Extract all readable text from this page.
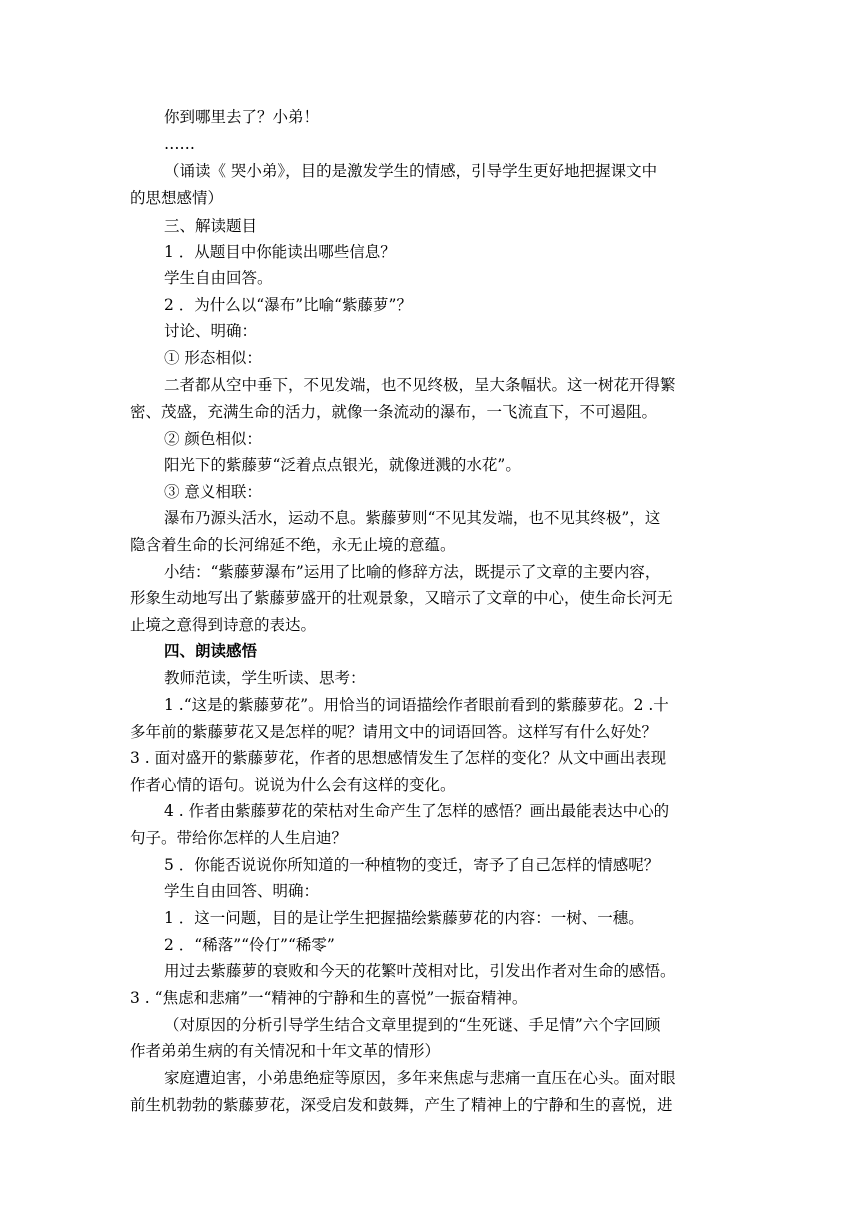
你到哪里去了？小弟！
……
（诵读《 哭小弟》，目的是激发学生的情感，引导学生更好地把握课文中
的思想感情）
三、解读题目
1 ．从题目中你能读出哪些信息？
学生自由回答。
2 ．为什么以“瀑布”比喻“紫藤萝”？
讨论、明确：
① 形态相似：
二者都从空中垂下，不见发端，也不见终极，呈大条幅状。这一树花开得繁
密、茂盛，充满生命的活力，就像一条流动的瀑布，一飞流直下，不可遏阻。
② 颜色相似：
阳光下的紫藤萝“泛着点点银光，就像迸溅的水花”。
③ 意义相联：
瀑布乃源头活水，运动不息。紫藤萝则“不见其发端，也不见其终极”，这
隐含着生命的长河绵延不绝，永无止境的意蕴。
小结：“紫藤萝瀑布”运用了比喻的修辞方法，既提示了文章的主要内容，
形象生动地写出了紫藤萝盛开的壮观景象，又暗示了文章的中心，使生命长河无
止境之意得到诗意的表达。
四、朗读感悟
教师范读，学生听读、思考：
1 .“这是的紫藤萝花”。用恰当的词语描绘作者眼前看到的紫藤萝花。2 .十
多年前的紫藤萝花又是怎样的呢？请用文中的词语回答。这样写有什么好处？
3 . 面对盛开的紫藤萝花，作者的思想感情发生了怎样的变化？从文中画出表现
作者心情的语句。说说为什么会有这样的变化。
4 . 作者由紫藤萝花的荣枯对生命产生了怎样的感悟？画出最能表达中心的
句子。带给你怎样的人生启迪？
5 ．你能否说说你所知道的一种植物的变迁，寄予了自己怎样的情感呢？
学生自由回答、明确：
1 ．这一问题，目的是让学生把握描绘紫藤萝花的内容：一树、一穗。
2 ．“稀落”“伶仃”“稀零”
用过去紫藤萝的衰败和今天的花繁叶茂相对比，引发出作者对生命的感悟。
3 . “焦虑和悲痛”一“精神的宁静和生的喜悦”一振奋精神。
（对原因的分析引导学生结合文章里提到的“生死谜、手足情”六个字回顾
作者弟弟生病的有关情况和十年文革的情形）
家庭遭迫害，小弟患绝症等原因，多年来焦虑与悲痛一直压在心头。面对眼
前生机勃勃的紫藤萝花，深受启发和鼓舞，产生了精神上的宁静和生的喜悦，进
